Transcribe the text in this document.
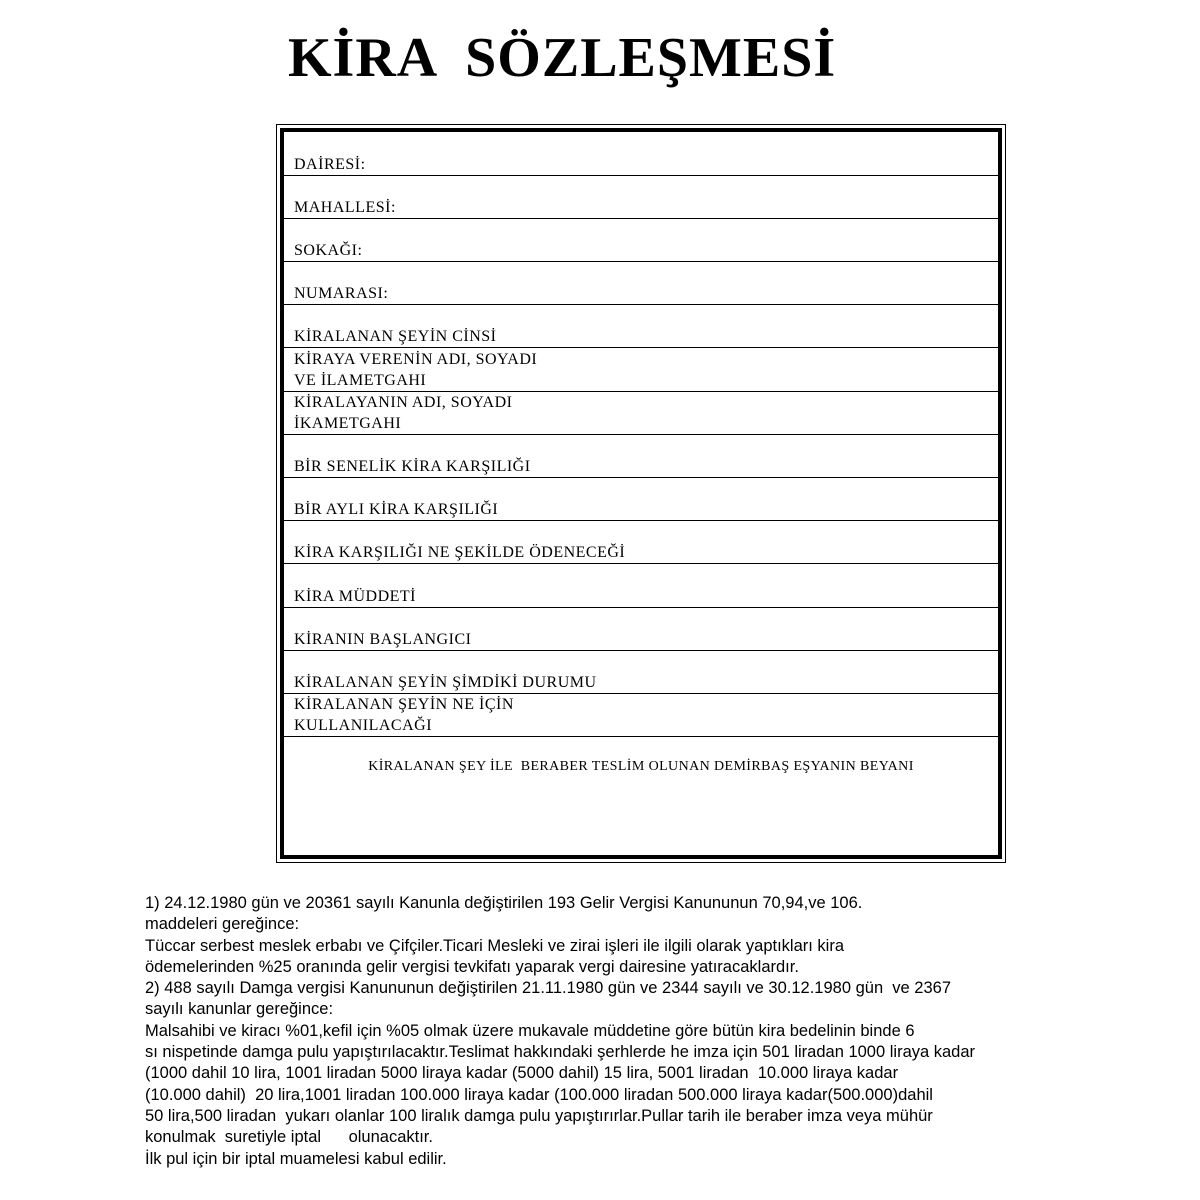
KİRA  SÖZLEŞMESİ
DAİRESİ:
MAHALLESİ:
SOKAĞI:
NUMARASI:
KİRALANAN ŞEYİN CİNSİ
KİRAYA VERENİN ADI, SOYADI
VE İLAMETGAHI
KİRALAYANIN ADI, SOYADI
İKAMETGAHI
BİR SENELİK KİRA KARŞILIĞI
BİR AYLI KİRA KARŞILIĞI
KİRA KARŞILIĞI NE ŞEKİLDE ÖDENECEĞİ
KİRA MÜDDETİ
KİRANIN BAŞLANGICI
KİRALANAN ŞEYİN ŞİMDİKİ DURUMU
KİRALANAN ŞEYİN NE İÇİN
KULLANILACAĞI
KİRALANAN ŞEY İLE  BERABER TESLİM OLUNAN DEMİRBAŞ EŞYANIN BEYANI
1) 24.12.1980 gün ve 20361 sayılı Kanunla değiştirilen 193 Gelir Vergisi Kanununun 70,94,ve 106.
maddeleri gereğince:
Tüccar serbest meslek erbabı ve Çifçiler.Ticari Mesleki ve zirai işleri ile ilgili olarak yaptıkları kira
ödemelerinden %25 oranında gelir vergisi tevkifatı yaparak vergi dairesine yatıracaklardır.
2) 488 sayılı Damga vergisi Kanununun değiştirilen 21.11.1980 gün ve 2344 sayılı ve 30.12.1980 gün  ve 2367
sayılı kanunlar gereğince:
Malsahibi ve kiracı %01,kefil için %05 olmak üzere mukavale müddetine göre bütün kira bedelinin binde 6
sı nispetinde damga pulu yapıştırılacaktır.Teslimat hakkındaki şerhlerde he imza için 501 liradan 1000 liraya kadar
(1000 dahil 10 lira, 1001 liradan 5000 liraya kadar (5000 dahil) 15 lira, 5001 liradan  10.000 liraya kadar
(10.000 dahil)  20 lira,1001 liradan 100.000 liraya kadar (100.000 liradan 500.000 liraya kadar(500.000)dahil
50 lira,500 liradan  yukarı olanlar 100 liralık damga pulu yapıştırırlar.Pullar tarih ile beraber imza veya mühür
konulmak  suretiyle iptal      olunacaktır.
İlk pul için bir iptal muamelesi kabul edilir.
